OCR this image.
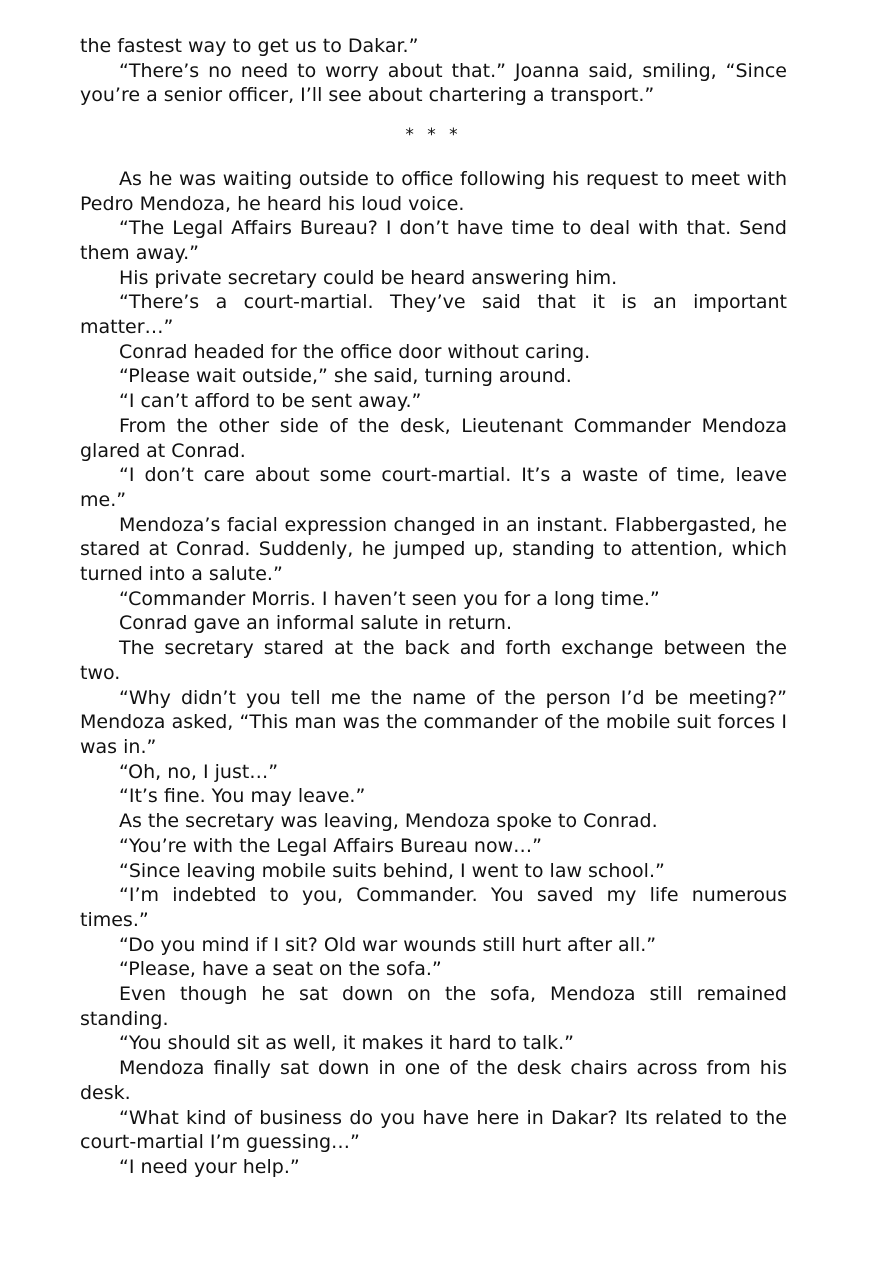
the fastest way to get us to Dakar.”

“There’s no need to worry about that.” Joanna said, smiling, “Since you’re a senior officer, I’ll see about chartering a transport.”

* * *

As he was waiting outside to office following his request to meet with Pedro Mendoza, he heard his loud voice.

“The Legal Affairs Bureau? I don’t have time to deal with that. Send them away.”

His private secretary could be heard answering him.

“There’s a court-martial. They’ve said that it is an important matter…”

Conrad headed for the office door without caring.

“Please wait outside,” she said, turning around.

“I can’t afford to be sent away.”

From the other side of the desk, Lieutenant Commander Mendoza glared at Conrad.

“I don’t care about some court-martial. It’s a waste of time, leave me.”

Mendoza’s facial expression changed in an instant. Flabbergasted, he stared at Conrad. Suddenly, he jumped up, standing to attention, which turned into a salute.”

“Commander Morris. I haven’t seen you for a long time.”

Conrad gave an informal salute in return.

The secretary stared at the back and forth exchange between the two.

“Why didn’t you tell me the name of the person I’d be meeting?” Mendoza asked, “This man was the commander of the mobile suit forces I was in.”

“Oh, no, I just…”

“It’s fine. You may leave.”

As the secretary was leaving, Mendoza spoke to Conrad.

“You’re with the Legal Affairs Bureau now…”

“Since leaving mobile suits behind, I went to law school.”

“I’m indebted to you, Commander. You saved my life numerous times.”

“Do you mind if I sit? Old war wounds still hurt after all.”

“Please, have a seat on the sofa.”

Even though he sat down on the sofa, Mendoza still remained standing.

“You should sit as well, it makes it hard to talk.”

Mendoza finally sat down in one of the desk chairs across from his desk.

“What kind of business do you have here in Dakar? Its related to the court-martial I’m guessing…”

“I need your help.”
